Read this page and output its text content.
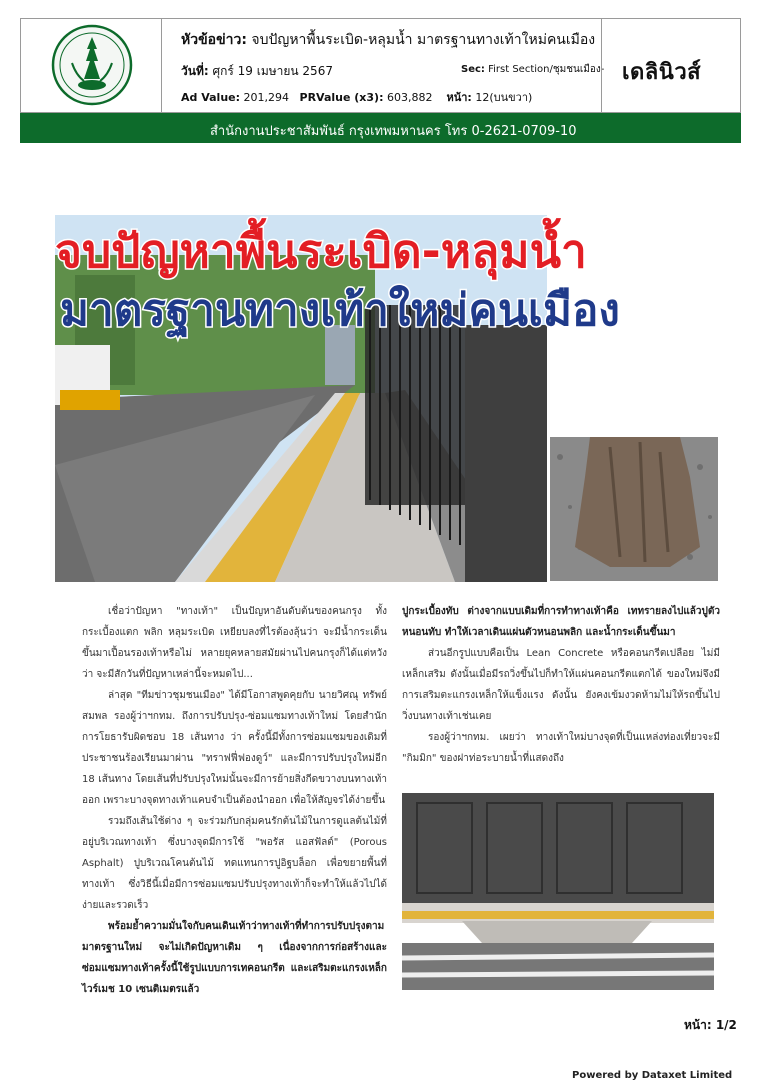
หัวข้อข่าว: จบปัญหาพื้นระเบิด-หลุมน้ำ มาตรฐานทางเท้าใหม่คนเมือง
วันที่: ศุกร์ 19 เมษายน 2567	Sec: First Section/ชุมชนเมือง-
Ad Value: 201,294 PRValue (x3): 603,882 หน้า: 12(บนขวา)
เดลินิวส์
สำนักงานประชาสัมพันธ์ กรุงเทพมหานคร โทร 0-2621-0709-10
จบปัญหาพื้นระเบิด-หลุมน้ำ
มาตรฐานทางเท้าใหม่คนเมือง

เชื่อว่าปัญหา "ทางเท้า" เป็นปัญหาอันดับต้นของคนกรุง ทั้งกระเบื้องแตก พลิก หลุมระเบิด เหยียบลงที่ไรต้องลุ้นว่า จะมีน้ำกระเด็นขึ้นมาเปื้อนรองเท้าหรือไม่ หลายยุคหลายสมัยผ่านไปคนกรุงก็ได้แต่หวังว่า จะมีสักวันที่ปัญหาเหล่านี้จะหมดไป...

ล่าสุด "ทีมข่าวชุมชนเมือง" ได้มีโอกาสพูดคุยกับ นายวิศณุ ทรัพย์สมพล รองผู้ว่าฯกทม. ถึงการปรับปรุง-ซ่อมแซมทางเท้าใหม่ โดยสำนักการโยธารับผิดชอบ 18 เส้นทาง ว่า ครั้งนี้มีทั้งการซ่อมแซมของเดิมที่ประชาชนร้องเรียนมาผ่าน "ทราฟฟี่ฟองดูว์" และมีการปรับปรุงใหม่อีก 18 เส้นทาง โดยเส้นที่ปรับปรุงใหม่นั้นจะมีการย้ายสิ่งกีดขวางบนทางเท้าออก เพราะบางจุดทางเท้าแคบจำเป็นต้องนำออก เพื่อให้สัญจรได้ง่ายขึ้น

รวมถึงเส้นใช้ต่าง ๆ จะร่วมกับกลุ่มคนรักต้นไม้ในการดูแลต้นไม้ที่อยู่บริเวณทางเท้า ซึ่งบางจุดมีการใช้ "พอรัส แอสฟัลต์" (Porous Asphalt) ปูบริเวณโคนต้นไม้ ทดแทนการปูอิฐบล็อก เพื่อขยายพื้นที่ทางเท้า ซึ่งวิธีนี้เมื่อมีการซ่อมแซมปรับปรุงทางเท้าก็จะทำให้แล้วไปได้ง่ายและรวดเร็ว

พร้อมย้ำความมั่นใจกับคนเดินเท้าว่าทางเท้าที่ทำการปรับปรุงตามมาตรฐานใหม่ จะไม่เกิดปัญหาเดิม ๆ เนื่องจากการก่อสร้างและซ่อมแซมทางเท้าครั้งนี้ใช้รูปแบบการเทคอนกรีต และเสริมตะแกรงเหล็กไวร์เมช 10 เซนติเมตรแล้ว

ปูกระเบื้องทับ ต่างจากแบบเดิมที่การทำทางเท้าคือ เททรายลงไปแล้วปูตัวหนอนทับ ทำให้เวลาเดินแผ่นตัวหนอนพลิก และน้ำกระเด็นขึ้นมา

ส่วนอีกรูปแบบคือเป็น Lean Concrete หรือคอนกรีตเปลือย ไม่มีเหล็กเสริม ดังนั้นเมื่อมีรถวิ่งขึ้นไปก็ทำให้แผ่นคอนกรีตแตกได้ ของใหม่จึงมีการเสริมตะแกรงเหล็กให้แข็งแรง ดังนั้น ยังคงเข้มงวดห้ามไม่ให้รถขึ้นไปวิ่งบนทางเท้าเช่นเคย

รองผู้ว่าฯกทม. เผยว่า ทางเท้าใหม่บางจุดที่เป็นแหล่งท่องเที่ยวจะมี "กิมมิก" ของฝาท่อระบายน้ำที่แสดงถึง

หน้า: 1/2
Powered by Dataxet Limited
